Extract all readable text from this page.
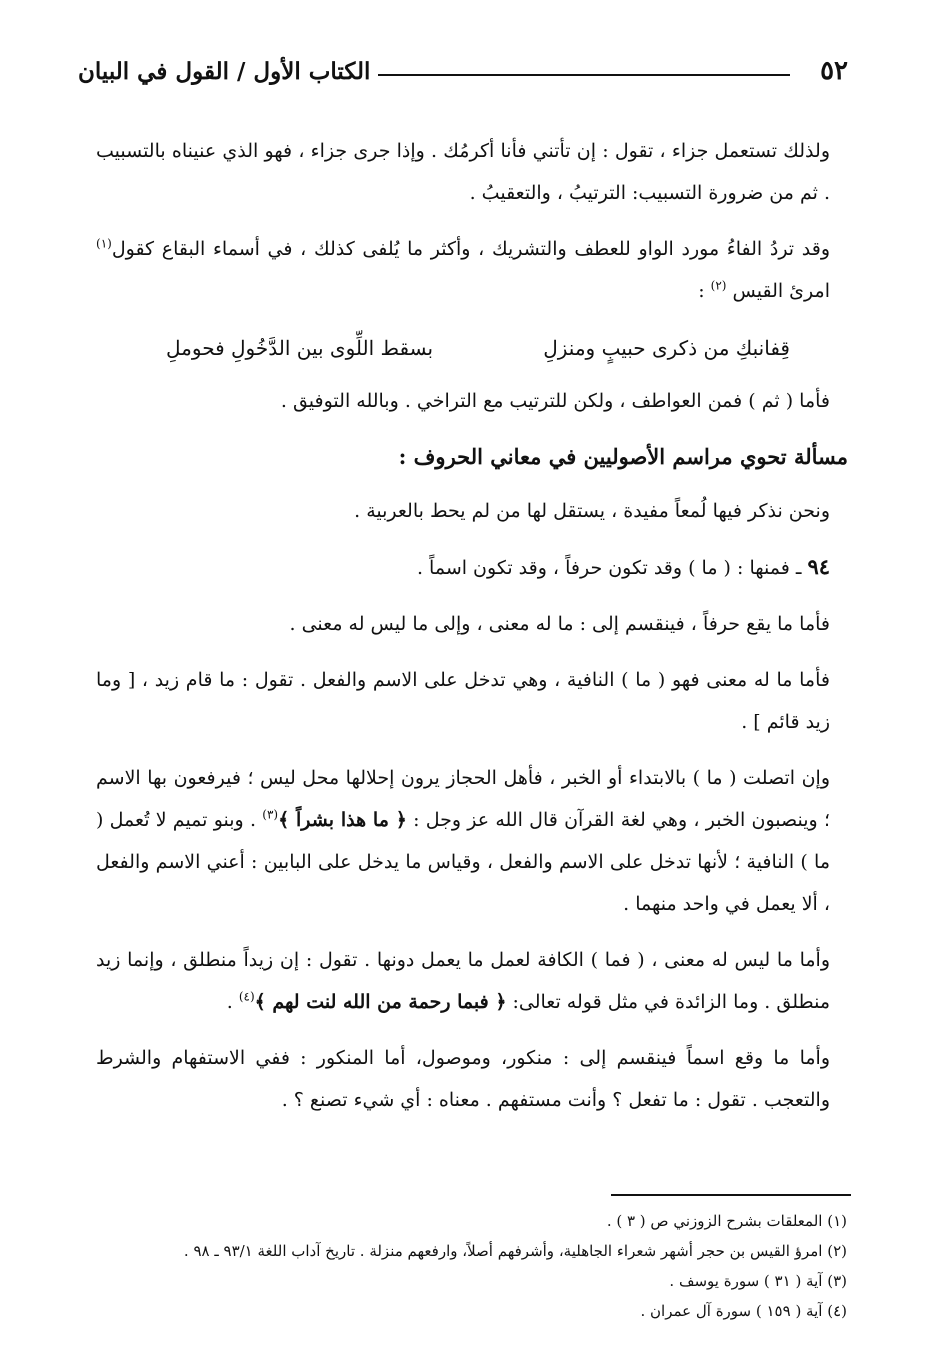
٥٢
الكتاب الأول / القول في البيان

ولذلك تستعمل جزاء ، تقول : إن تأتني فأنا أكرمُك . وإذا جرى جزاء ، فهو الذي عنيناه بالتسبيب . ثم من ضرورة التسبيب: الترتيبُ ، والتعقيبُ .

وقد تردُ الفاءُ مورد الواو للعطف والتشريك ، وأكثر ما يُلفى كذلك ، في أسماء البقاع كقول$^{(١)}$ امرئ القيس $^{(٢)}$ :

قِفانبكِ من ذكرى حبيبٍ ومنزلِ
بسقط اللِّوى بين الدَّخُولِ فحوملِ

فأما ( ثم ) فمن العواطف ، ولكن للترتيب مع التراخي . وبالله التوفيق .

مسألة تحوي مراسم الأصوليين في معاني الحروف :

ونحن نذكر فيها لُمعاً مفيدة ، يستقل لها من لم يحط بالعربية .

٩٤ ـ فمنها : ( ما ) وقد تكون حرفاً ، وقد تكون اسماً .

فأما ما يقع حرفاً ، فينقسم إلى : ما له معنى ، وإلى ما ليس له معنى .

فأما ما له معنى فهو ( ما ) النافية ، وهي تدخل على الاسم والفعل . تقول : ما قام زيد ، [ وما زيد قائم ] .

وإن اتصلت ( ما ) بالابتداء أو الخبر ، فأهل الحجاز يرون إحلالها محل ليس ؛ فيرفعون بها الاسم ؛ وينصبون الخبر ، وهي لغة القرآن قال الله عز وجل : ﴿ ما هذا بشراً ﴾$^{(٣)}$ . وبنو تميم لا تُعمل ( ما ) النافية ؛ لأنها تدخل على الاسم والفعل ، وقياس ما يدخل على البابين : أعني الاسم والفعل ، ألا يعمل في واحد منهما .

وأما ما ليس له معنى ، ( فما ) الكافة لعمل ما يعمل دونها . تقول : إن زيداً منطلق ، وإنما زيد منطلق . وما الزائدة في مثل قوله تعالى: ﴿ فبما رحمة من الله لنت لهم ﴾$^{(٤)}$ .

وأما ما وقع اسماً فينقسم إلى : منكور، وموصول، أما المنكور : ففي الاستفهام والشرط والتعجب . تقول : ما تفعل ؟ وأنت مستفهم . معناه : أي شيء تصنع ؟ .

(١) المعلقات بشرح الزوزني ص ( ٣ ) .

(٢) امرؤ القيس بن حجر أشهر شعراء الجاهلية، وأشرفهم أصلاً، وارفعهم منزلة . تاريخ آداب اللغة ٩٣/١ ـ ٩٨ .

(٣) آية ( ٣١ ) سورة يوسف .

(٤) آية ( ١٥٩ ) سورة آل عمران .
